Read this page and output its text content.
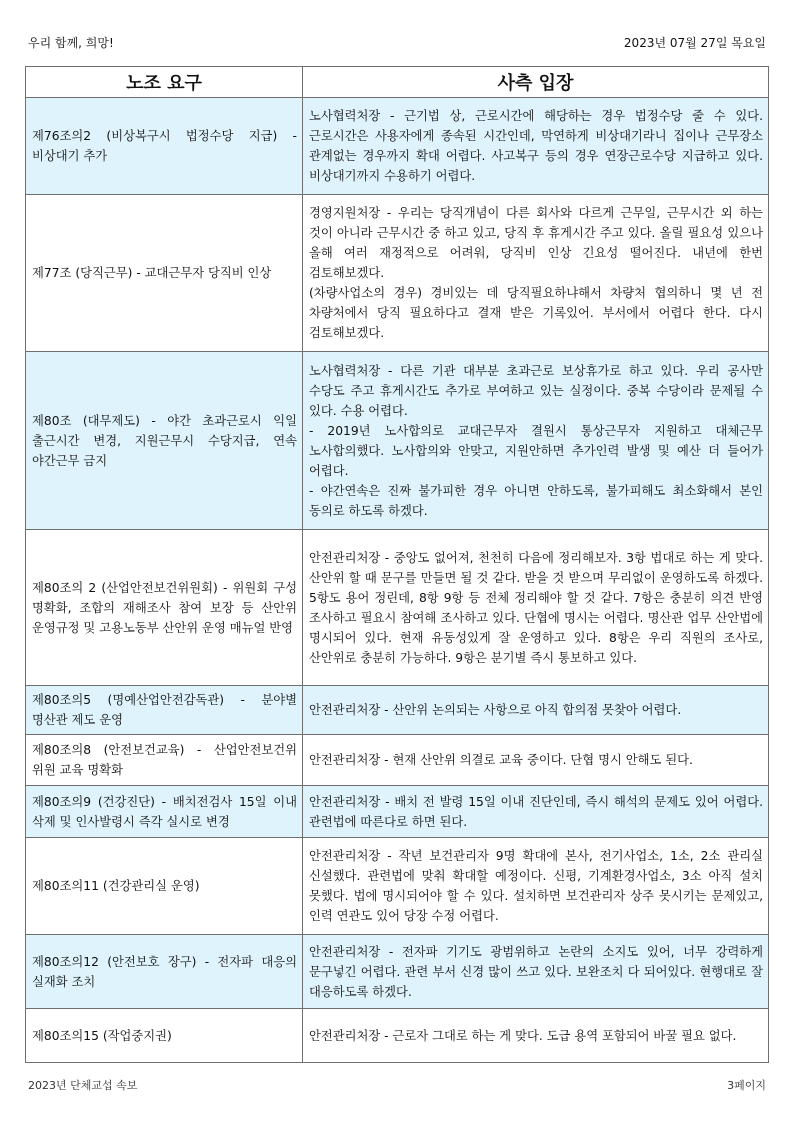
우리 함께, 희망!	2023년 07월 27일 목요일
노조 요구	사측 입장
제76조의2 (비상복구시 법정수당 지급) - 비상대기 추가	노사협력처장 - 근기법 상, 근로시간에 해당하는 경우 법정수당 줄 수 있다. 근로시간은 사용자에게 종속된 시간인데, 막연하게 비상대기라니 집이나 근무장소 관계없는 경우까지 확대 어렵다. 사고복구 등의 경우 연장근로수당 지급하고 있다. 비상대기까지 수용하기 어렵다.

제77조 (당직근무) - 교대근무자 당직비 인상	경영지원처장 - 우리는 당직개념이 다른 회사와 다르게 근무일, 근무시간 외 하는 것이 아니라 근무시간 중 하고 있고, 당직 후 휴게시간 주고 있다. 올릴 필요성 있으나 올해 여러 재정적으로 어려워, 당직비 인상 긴요성 떨어진다. 내년에 한번 검토해보겠다.
(차량사업소의 경우) 경비있는 데 당직필요하냐해서 차량처 협의하니 몇 년 전 차량처에서 당직 필요하다고 결재 받은 기록있어. 부서에서 어렵다 한다. 다시 검토해보겠다.

제80조 (대무제도) - 야간 초과근로시 익일 출근시간 변경, 지원근무시 수당지급, 연속 야간근무 금지	노사협력처장 - 다른 기관 대부분 초과근로 보상휴가로 하고 있다. 우리 공사만 수당도 주고 휴게시간도 추가로 부여하고 있는 실정이다. 중복 수당이라 문제될 수 있다. 수용 어렵다.
- 2019년 노사합의로 교대근무자 결원시 통상근무자 지원하고 대체근무 노사합의했다. 노사합의와 안맞고, 지원안하면 추가인력 발생 및 예산 더 들어가 어렵다.
- 야간연속은 진짜 불가피한 경우 아니면 안하도록, 불가피해도 최소화해서 본인 동의로 하도록 하겠다.

제80조의 2 (산업안전보건위원회) - 위원회 구성 명확화, 조합의 재해조사 참여 보장 등 산안위 운영규정 및 고용노동부 산안위 운영 매뉴얼 반영	안전관리처장 - 중앙도 없어져, 천천히 다음에 정리해보자. 3항 법대로 하는 게 맞다. 산안위 할 때 문구를 만들면 될 것 같다. 받을 것 받으며 무리없이 운영하도록 하겠다. 5항도 용어 정린데, 8항 9항 등 전체 정리해야 할 것 같다. 7항은 충분히 의견 반영 조사하고 필요시 참여해 조사하고 있다. 단협에 명시는 어렵다. 명산관 업무 산안법에 명시되어 있다. 현재 유동성있게 잘 운영하고 있다. 8항은 우리 직원의 조사로, 산안위로 충분히 가능하다. 9항은 분기별 즉시 통보하고 있다.

제80조의5 (명예산업안전감독관) - 분야별 명산관 제도 운영	안전관리처장 - 산안위 논의되는 사항으로 아직 합의점 못찾아 어렵다.

제80조의8 (안전보건교육) - 산업안전보건위 위원 교육 명확화	안전관리처장 - 현재 산안위 의결로 교육 중이다. 단협 명시 안해도 된다.

제80조의9 (건강진단) - 배치전검사 15일 이내 삭제 및 인사발령시 즉각 실시로 변경	안전관리처장 - 배치 전 발령 15일 이내 진단인데, 즉시 해석의 문제도 있어 어렵다. 관련법에 따른다로 하면 된다.

제80조의11 (건강관리실 운영)	안전관리처장 - 작년 보건관리자 9명 확대에 본사, 전기사업소, 1소, 2소 관리실 신설했다. 관련법에 맞춰 확대할 예정이다. 신평, 기계환경사업소, 3소 아직 설치 못했다. 법에 명시되어야 할 수 있다. 설치하면 보건관리자 상주 못시키는 문제있고, 인력 연관도 있어 당장 수정 어렵다.

제80조의12 (안전보호 장구) - 전자파 대응의 실재화 조치	안전관리처장 - 전자파 기기도 광범위하고 논란의 소지도 있어, 너무 강력하게 문구넣긴 어렵다. 관련 부서 신경 많이 쓰고 있다. 보완조치 다 되어있다. 현행대로 잘 대응하도록 하겠다.

제80조의15 (작업중지권)	안전관리처장 - 근로자 그대로 하는 게 맞다. 도급 용역 포함되어 바꿀 필요 없다.
2023년 단체교섭 속보	3페이지
